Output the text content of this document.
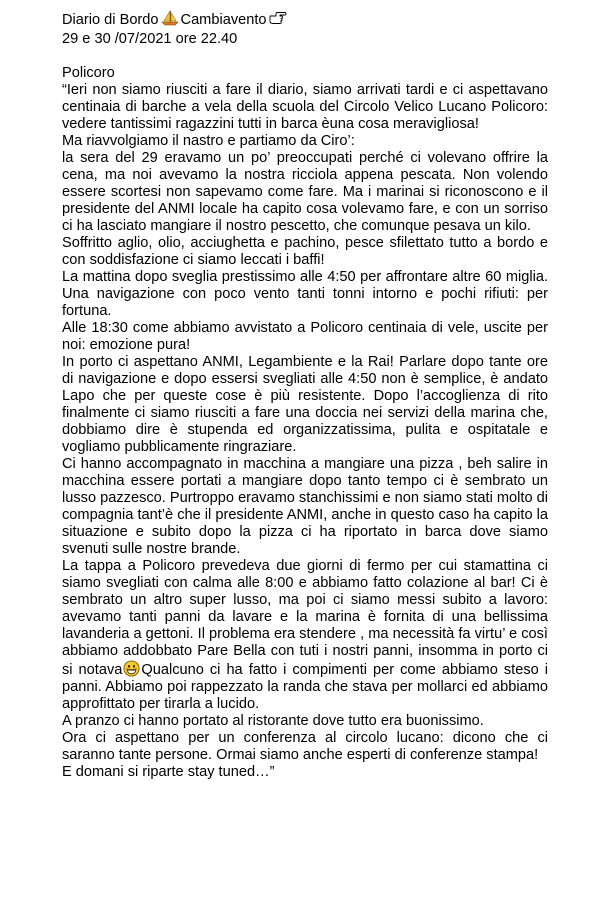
Diario di Bordo Cambiavento
29 e 30 /07/2021 ore 22.40
Policoro

“Ieri non siamo riusciti a fare il diario, siamo arrivati tardi e ci aspettavano centinaia di barche a vela della scuola del Circolo Velico Lucano Policoro: vedere tantissimi ragazzini tutti in barca èuna cosa meravigliosa!

Ma riavvolgiamo il nastro e partiamo da Ciro’:

la sera del 29 eravamo un po’ preoccupati perché ci volevano offrire la cena, ma noi avevamo la nostra ricciola appena pescata. Non volendo essere scortesi non sapevamo come fare. Ma i marinai si riconoscono e il presidente del ANMI locale ha capito cosa volevamo fare, e con un sorriso ci ha lasciato mangiare il nostro pescetto, che comunque pesava un kilo.

Soffritto aglio, olio, acciughetta e pachino, pesce sfilettato tutto a bordo e con soddisfazione ci siamo leccati i baffi!

La mattina dopo sveglia prestissimo alle 4:50 per affrontare altre 60 miglia. Una navigazione con poco vento tanti tonni intorno e pochi rifiuti: per fortuna.

Alle 18:30 come abbiamo avvistato a Policoro centinaia di vele, uscite per noi: emozione pura!

In porto ci aspettano ANMI, Legambiente e la Rai! Parlare dopo tante ore di navigazione e dopo essersi svegliati alle 4:50 non è semplice, è andato Lapo che per queste cose è più resistente. Dopo l’accoglienza di rito finalmente ci siamo riusciti a fare una doccia nei servizi della marina che, dobbiamo dire è stupenda ed organizzatissima, pulita e ospitatale e vogliamo pubblicamente ringraziare.

Ci hanno accompagnato in macchina a mangiare una pizza , beh salire in macchina essere portati a mangiare dopo tanto tempo ci è sembrato un lusso pazzesco. Purtroppo eravamo stanchissimi e non siamo stati molto di compagnia tant’è che il presidente ANMI, anche in questo caso ha capito la situazione e subito dopo la pizza ci ha riportato in barca dove siamo svenuti sulle nostre brande.

La tappa a Policoro prevedeva due giorni di fermo per cui stamattina ci siamo svegliati con calma alle 8:00 e abbiamo fatto colazione al bar! Ci è sembrato un altro super lusso, ma poi ci siamo messi subito a lavoro: avevamo tanti panni da lavare e la marina è fornita di una bellissima lavanderia a gettoni. Il problema era stendere , ma necessità fa virtu’ e così abbiamo addobbato Pare Bella con tuti i nostri panni, insomma in porto ci si notava Qualcuno ci ha fatto i compimenti per come abbiamo steso i panni. Abbiamo poi rappezzato la randa che stava per mollarci ed abbiamo approfittato per tirarla a lucido.

A pranzo ci hanno portato al ristorante dove tutto era buonissimo.

Ora ci aspettano per un conferenza al circolo lucano: dicono che ci saranno tante persone. Ormai siamo anche esperti di conferenze stampa!

E domani si riparte stay tuned…”
